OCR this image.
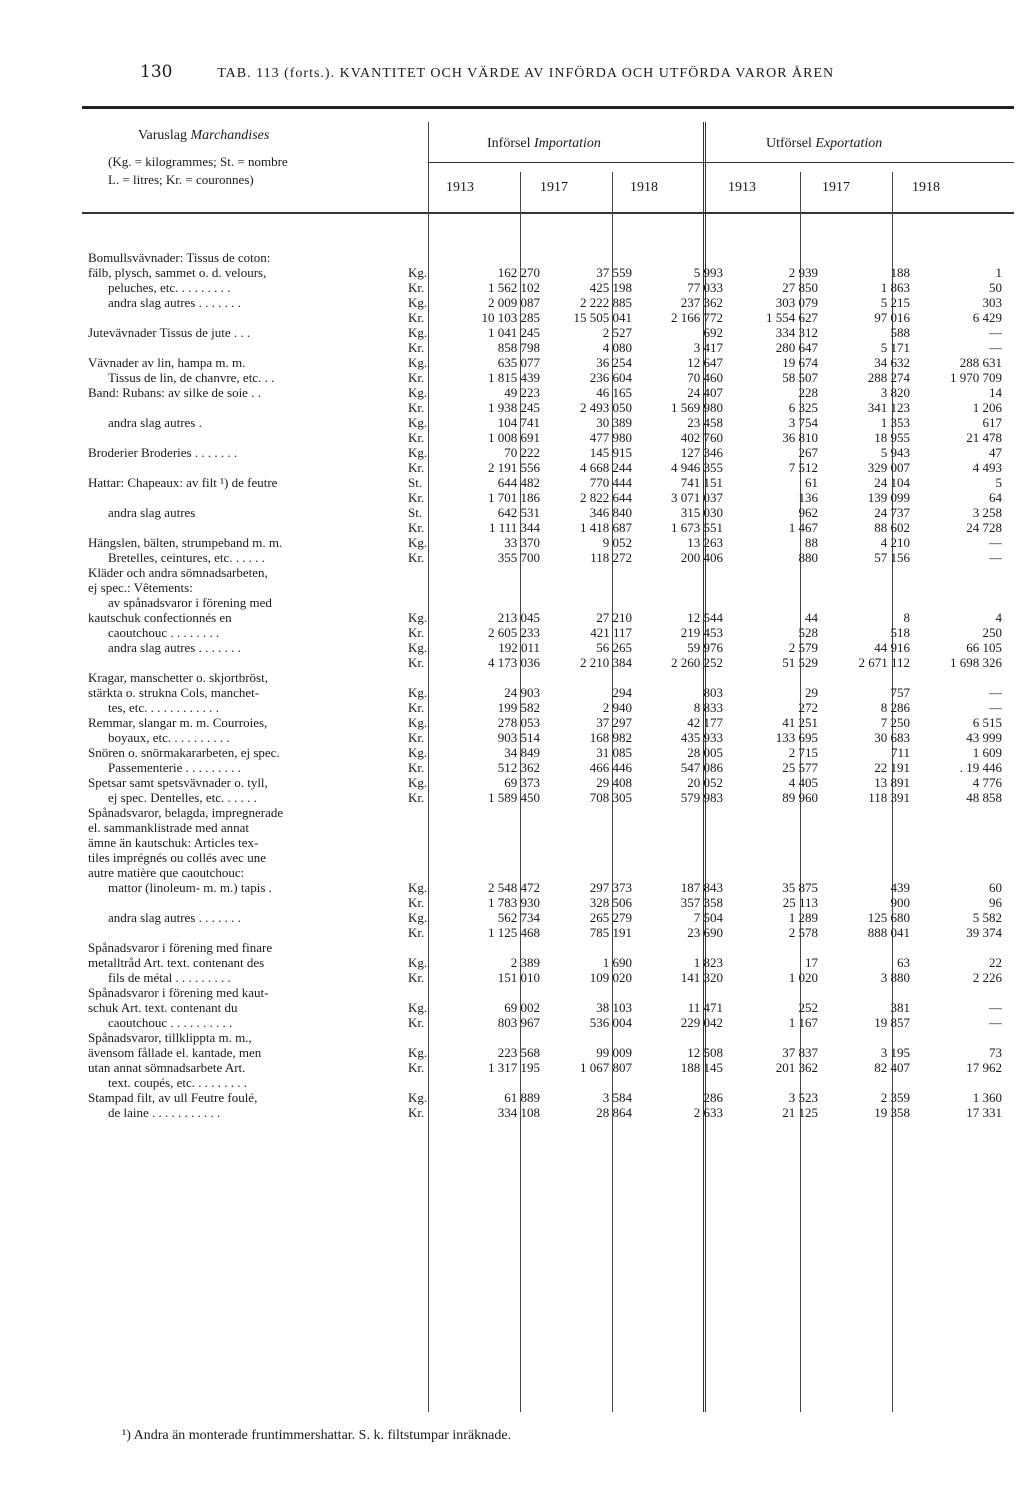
130	TAB. 113 (forts.). KVANTITET OCH VÄRDE AV INFÖRDA OCH UTFÖRDA VAROR ÅREN
Varuslag Marchandises
(Kg. = kilogrammes; St. = nombre
L. = litres; Kr. = couronnes)
Införsel Importation	Utförsel Exportation
1913	1917	1918	1913	1917	1918
Bomullsvävnader: Tissus de coton:							
fälb, plysch, sammet o. d. velours,	Kg.	162 270	37 559	5 993	2 939	188	1
peluches, etc. . . . . . . . .	Kr.	1 562 102	425 198	77 033	27 850	1 863	50
andra slag autres . . . . . . .	Kg.	2 009 087	2 222 885	237 362	303 079	5 215	303
	Kr.	10 103 285	15 505 041	2 166 772	1 554 627	97 016	6 429
Jutevävnader Tissus de jute . . .	Kg.	1 041 245	2 527	692	334 312	588	—
	Kr.	858 798	4 080	3 417	280 647	5 171	—
Vävnader av lin, hampa m. m.	Kg.	635 077	36 254	12 647	19 674	34 632	288 631
Tissus de lin, de chanvre, etc. . .	Kr.	1 815 439	236 604	70 460	58 507	288 274	1 970 709
Band: Rubans: av silke de soie . .	Kg.	49 223	46 165	24 407	228	3 820	14
	Kr.	1 938 245	2 493 050	1 569 980	6 325	341 123	1 206
andra slag autres .	Kg.	104 741	30 389	23 458	3 754	1 353	617
	Kr.	1 008 691	477 980	402 760	36 810	18 955	21 478
Broderier Broderies . . . . . . .	Kg.	70 222	145 915	127 346	267	5 943	47
	Kr.	2 191 556	4 668 244	4 946 355	7 512	329 007	4 493
Hattar: Chapeaux: av filt ¹) de feutre	St.	644 482	770 444	741 151	61	24 104	5
	Kr.	1 701 186	2 822 644	3 071 037	136	139 099	64
andra slag autres	St.	642 531	346 840	315 030	962	24 737	3 258
	Kr.	1 111 344	1 418 687	1 673 551	1 467	88 602	24 728
Hängslen, bälten, strumpeband m. m.	Kg.	33 370	9 052	13 263	88	4 210	—
Bretelles, ceintures, etc. . . . . .	Kr.	355 700	118 272	200 406	880	57 156	—
Kläder och andra sömnadsarbeten,							
ej spec.: Vêtements:							
av spånadsvaror i förening med							
kautschuk confectionnés en	Kg.	213 045	27 210	12 544	44	8	4
caoutchouc . . . . . . . .	Kr.	2 605 233	421 117	219 453	528	518	250
andra slag autres . . . . . . .	Kg.	192 011	56 265	59 976	2 579	44 916	66 105
	Kr.	4 173 036	2 210 384	2 260 252	51 529	2 671 112	1 698 326
Kragar, manschetter o. skjortbröst,							
stärkta o. strukna Cols, manchet-	Kg.	24 903	294	803	29	757	—
tes, etc. . . . . . . . . . . .	Kr.	199 582	2 940	8 833	272	8 286	—
Remmar, slangar m. m. Courroies,	Kg.	278 053	37 297	42 177	41 251	7 250	6 515
boyaux, etc. . . . . . . . . .	Kr.	903 514	168 982	435 933	133 695	30 683	43 999
Snören o. snörmakararbeten, ej spec.	Kg.	34 849	31 085	28 005	2 715	711	1 609
Passementerie . . . . . . . . .	Kr.	512 362	466 446	547 086	25 577	22 191	. 19 446
Spetsar samt spetsvävnader o. tyll,	Kg.	69 373	29 408	20 052	4 405	13 891	4 776
ej spec. Dentelles, etc. . . . . .	Kr.	1 589 450	708 305	579 983	89 960	118 391	48 858
Spånadsvaror, belagda, impregnerade							
el. sammanklistrade med annat							
ämne än kautschuk: Articles tex-							
tiles imprégnés ou collés avec une							
autre matière que caoutchouc:							
mattor (linoleum- m. m.) tapis .	Kg.	2 548 472	297 373	187 843	35 875	439	60
	Kr.	1 783 930	328 506	357 358	25 113	900	96
andra slag autres . . . . . . .	Kg.	562 734	265 279	7 504	1 289	125 680	5 582
	Kr.	1 125 468	785 191	23 690	2 578	888 041	39 374
Spånadsvaror i förening med finare							
metalltråd Art. text. contenant des	Kg.	2 389	1 690	1 823	17	63	22
fils de métal . . . . . . . . .	Kr.	151 010	109 020	141 320	1 020	3 880	2 226
Spånadsvaror i förening med kaut-							
schuk Art. text. contenant du	Kg.	69 002	38 103	11 471	252	381	—
caoutchouc . . . . . . . . . .	Kr.	803 967	536 004	229 042	1 167	19 857	—
Spånadsvaror, tillklippta m. m.,							
ävensom fållade el. kantade, men	Kg.	223 568	99 009	12 508	37 837	3 195	73
utan annat sömnadsarbete Art.	Kr.	1 317 195	1 067 807	188 145	201 362	82 407	17 962
text. coupés, etc. . . . . . . . .							
Stampad filt, av ull Feutre foulé,	Kg.	61 889	3 584	286	3 523	2 359	1 360
de laine . . . . . . . . . . .	Kr.	334 108	28 864	2 633	21 125	19 358	17 331
¹) Andra än monterade fruntimmershattar. S. k. filtstumpar inräknade.
